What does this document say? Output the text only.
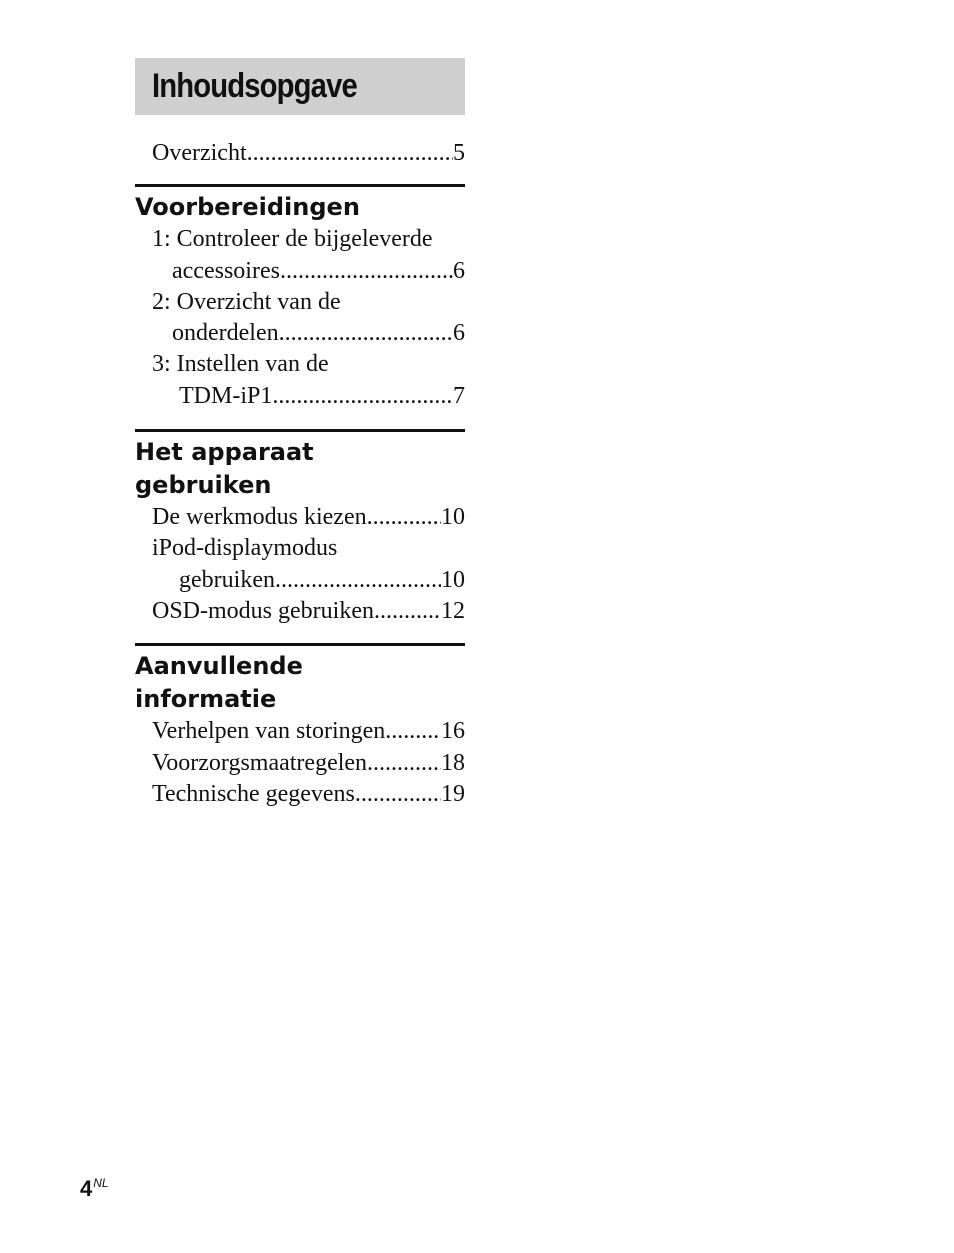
Inhoudsopgave
Overzicht .....	5
Voorbereidingen
1: Controleer de bijgeleverde
accessoires .....	6
2: Overzicht van de
onderdelen .....	6
3: Instellen van de
TDM-iP1 .....	7
Het apparaat
gebruiken
De werkmodus kiezen .....	10
iPod-displaymodus
gebruiken .....	10
OSD-modus gebruiken .....	12
Aanvullende
informatie
Verhelpen van storingen ..... 16
Voorzorgsmaatregelen .....	18
Technische gegevens .....	19
$4^{NL}$
